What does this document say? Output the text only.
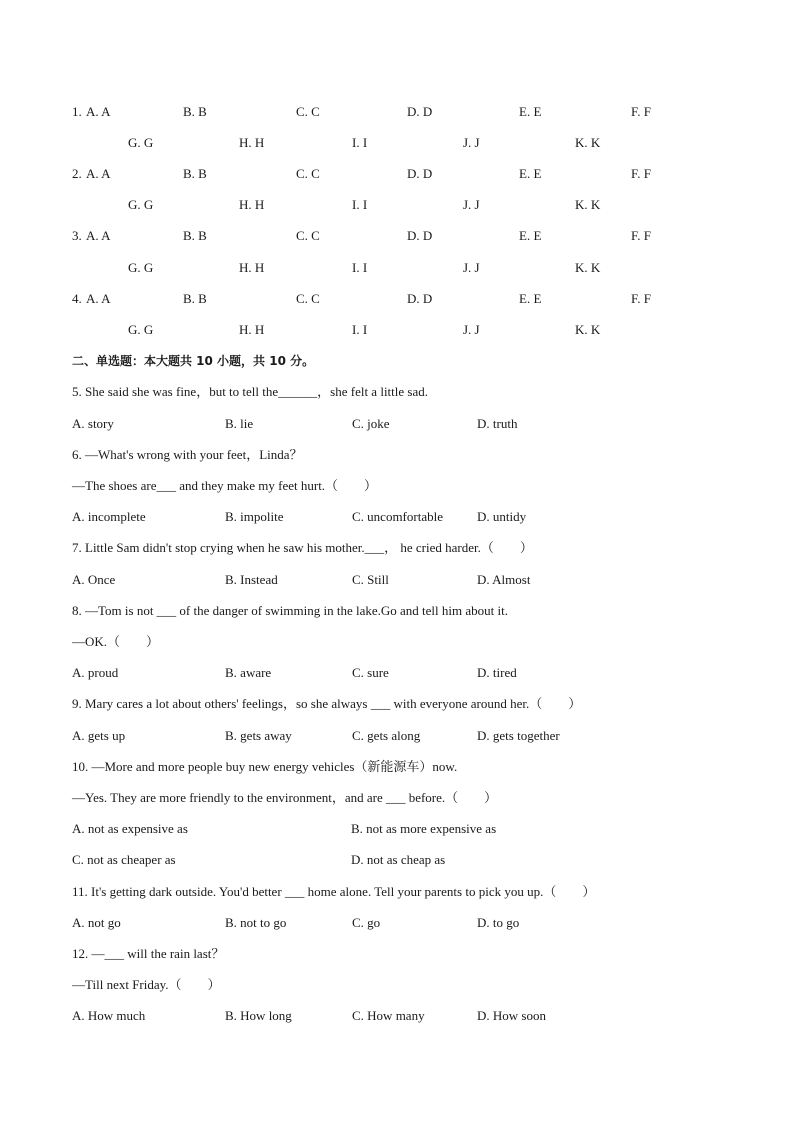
1. A. A	B. B	C. C	D. D	E. E	F. F
G. G	H. H	I. I	J. J	K. K
2. A. A	B. B	C. C	D. D	E. E	F. F
G. G	H. H	I. I	J. J	K. K
3. A. A	B. B	C. C	D. D	E. E	F. F
G. G	H. H	I. I	J. J	K. K
4. A. A	B. B	C. C	D. D	E. E	F. F
G. G	H. H	I. I	J. J	K. K
二、单选题：本大题共 10 小题，共 10 分。
5. She said she was fine，but to tell the______，she felt a little sad.
A. story	B. lie	C. joke	D. truth
6. —What's wrong with your feet，Linda？
—The shoes are___ and they make my feet hurt.（　　）
A. incomplete	B. impolite	C. uncomfortable	D. untidy
7. Little Sam didn't stop crying when he saw his mother.___， he cried harder.（　　）
A. Once	B. Instead	C. Still	D. Almost
8. —Tom is not ___ of the danger of swimming in the lake.Go and tell him about it.
—OK.（　　）
A. proud	B. aware	C. sure	D. tired
9. Mary cares a lot about others' feelings，so she always ___ with everyone around her.（　　）
A. gets up	B. gets away	C. gets along	D. gets together
10. —More and more people buy new energy vehicles（新能源车）now.
—Yes. They are more friendly to the environment，and are ___ before.（　　）
A. not as expensive as	B. not as more expensive as
C. not as cheaper as	D. not as cheap as
11. It's getting dark outside. You'd better ___ home alone. Tell your parents to pick you up.（　　）
A. not go	B. not to go	C. go	D. to go
12. —___ will the rain last？
—Till next Friday.（　　）
A. How much	B. How long	C. How many	D. How soon
